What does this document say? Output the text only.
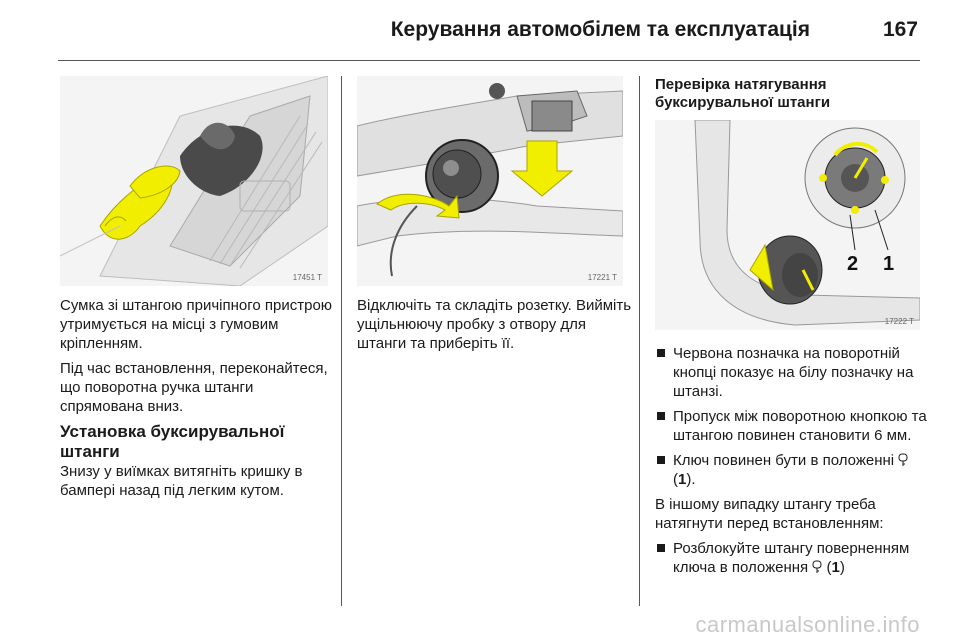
Керування автомобілем та експлуатація	167
17451 T	17221 T
2 1
17222 T

Сумка зі штангою причіпного пристрою утримується на місці з гумовим кріпленням.

Під час встановлення, переконайтеся, що поворотна ручка штанги спрямована вниз.

Установка буксирувальної штанги

Знизу у виїмках витягніть кришку в бампері назад під легким кутом.

Відключіть та складіть розетку. Вийміть ущільнюючу пробку з отвору для штанги та приберіть її.

Перевірка натягування буксирувальної штанги
Червона позначка на поворотній кнопці показує на білу позначку на штанзі.
Пропуск між поворотною кнопкою та штангою повинен становити 6 мм.
Ключ повинен бути в положенні  (1).

В іншому випадку штангу треба натягнути перед встановленням:

Розблокуйте штангу поверненням ключа в положення  (1)
carmanualsonline.info
